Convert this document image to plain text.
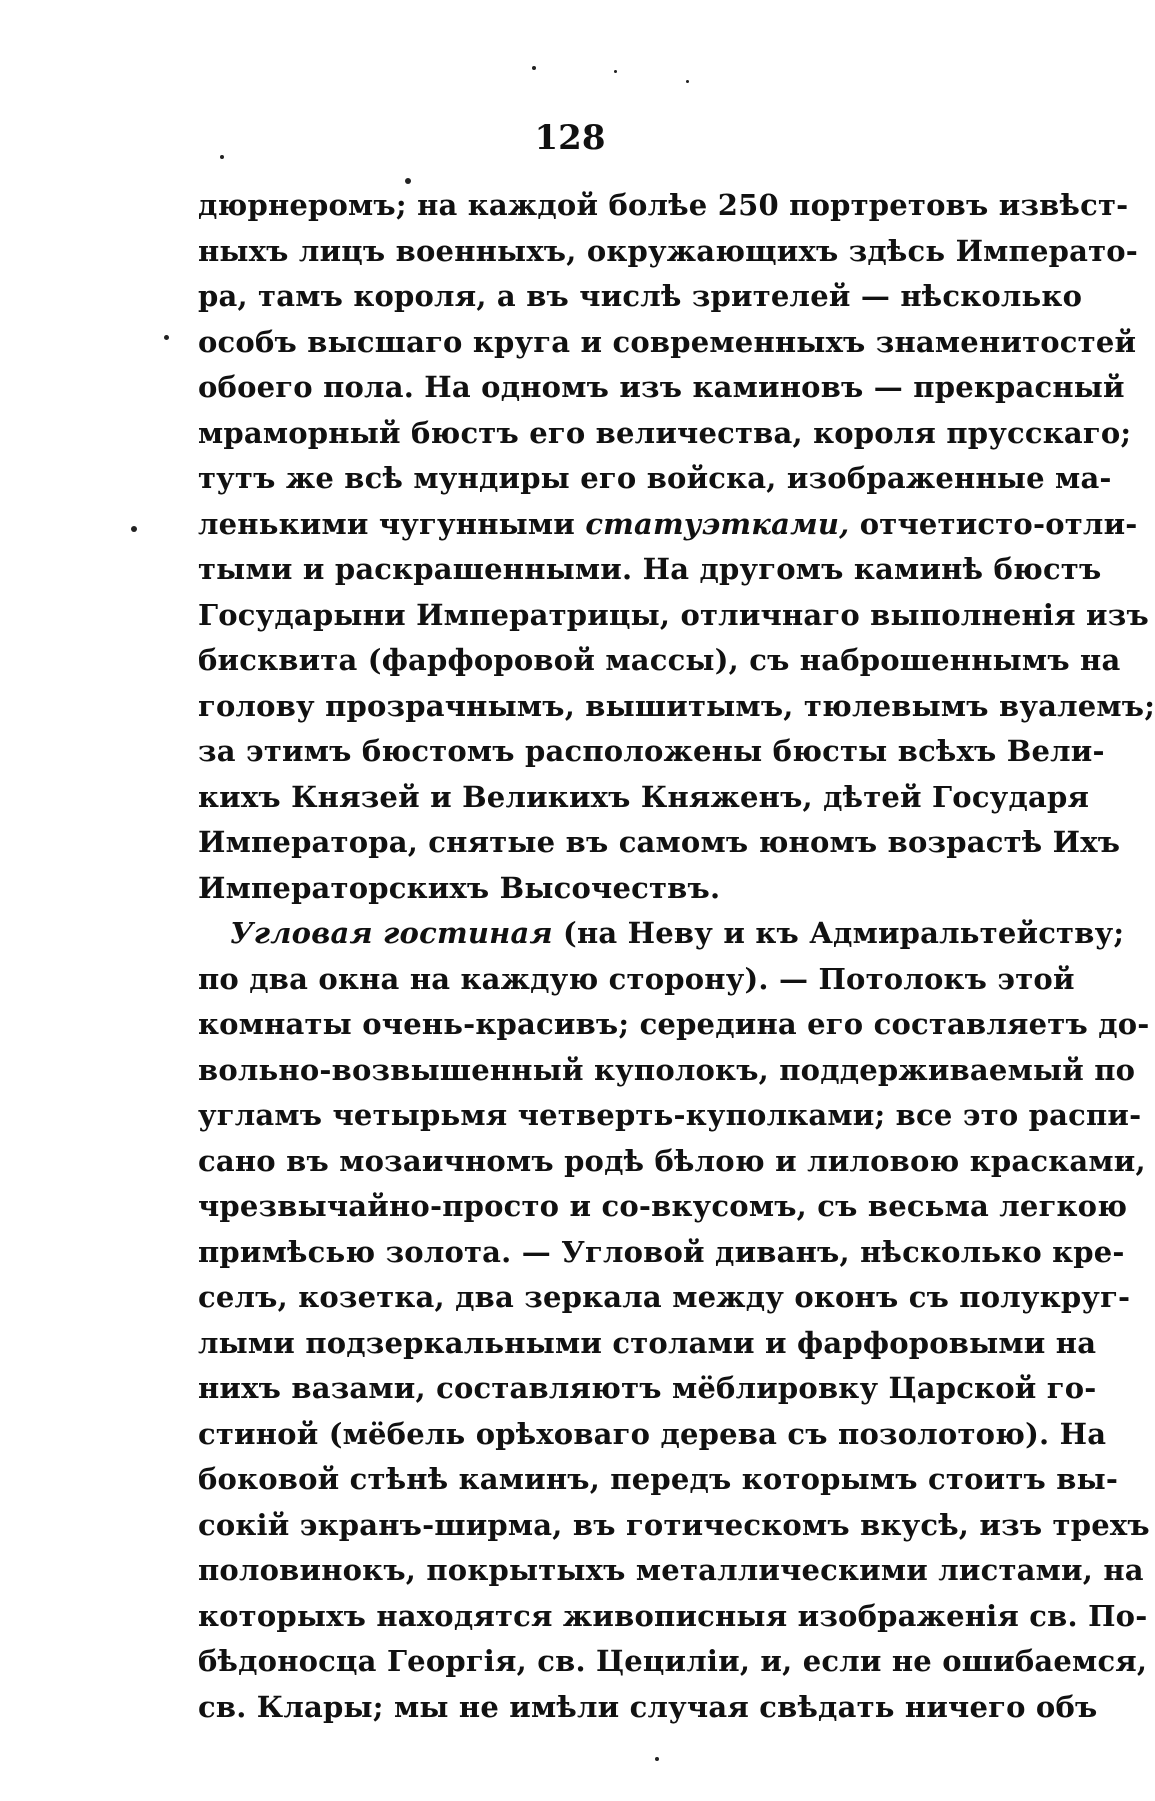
128
дюрнеромъ; на каждой болѣе 250 портретовъ извѣст-
ныхъ лицъ военныхъ, окружающихъ здѣсь Императо-
ра, тамъ короля, а въ числѣ зрителей — нѣсколько
особъ высшаго круга и современныхъ знаменитостей
обоего пола. На одномъ изъ каминовъ — прекрасный
мраморный бюстъ его величества, короля прусскаго;
тутъ же всѣ мундиры его войска, изображенные ма-
ленькими чугунными статуэтками, отчетисто-отли-
тыми и раскрашенными. На другомъ каминѣ бюстъ
Государыни Императрицы, отличнаго выполненія изъ
бисквита (фарфоровой массы), съ наброшеннымъ на
голову прозрачнымъ, вышитымъ, тюлевымъ вуалемъ;
за этимъ бюстомъ расположены бюсты всѣхъ Вели-
кихъ Князей и Великихъ Княженъ, дѣтей Государя
Императора, снятые въ самомъ юномъ возрастѣ Ихъ
Императорскихъ Высочествъ.
Угловая гостиная (на Неву и къ Адмиральтейству;
по два окна на каждую сторону). — Потолокъ этой
комнаты очень-красивъ; середина его составляетъ до-
вольно-возвышенный куполокъ, поддерживаемый по
угламъ четырьмя четверть-куполками; все это распи-
сано въ мозаичномъ родѣ бѣлою и лиловою красками,
чрезвычайно-просто и со-вкусомъ, съ весьма легкою
примѣсью золота. — Угловой диванъ, нѣсколько кре-
селъ, козетка, два зеркала между оконъ съ полукруг-
лыми подзеркальными столами и фарфоровыми на
нихъ вазами, составляютъ мёблировку Царской го-
стиной (мёбель орѣховаго дерева съ позолотою). На
боковой стѣнѣ каминъ, передъ которымъ стоитъ вы-
сокій экранъ-ширма, въ готическомъ вкусѣ, изъ трехъ
половинокъ, покрытыхъ металлическими листами, на
которыхъ находятся живописныя изображенія св. По-
бѣдоносца Георгія, св. Цециліи, и, если не ошибаемся,
св. Клары; мы не имѣли случая свѣдать ничего объ
